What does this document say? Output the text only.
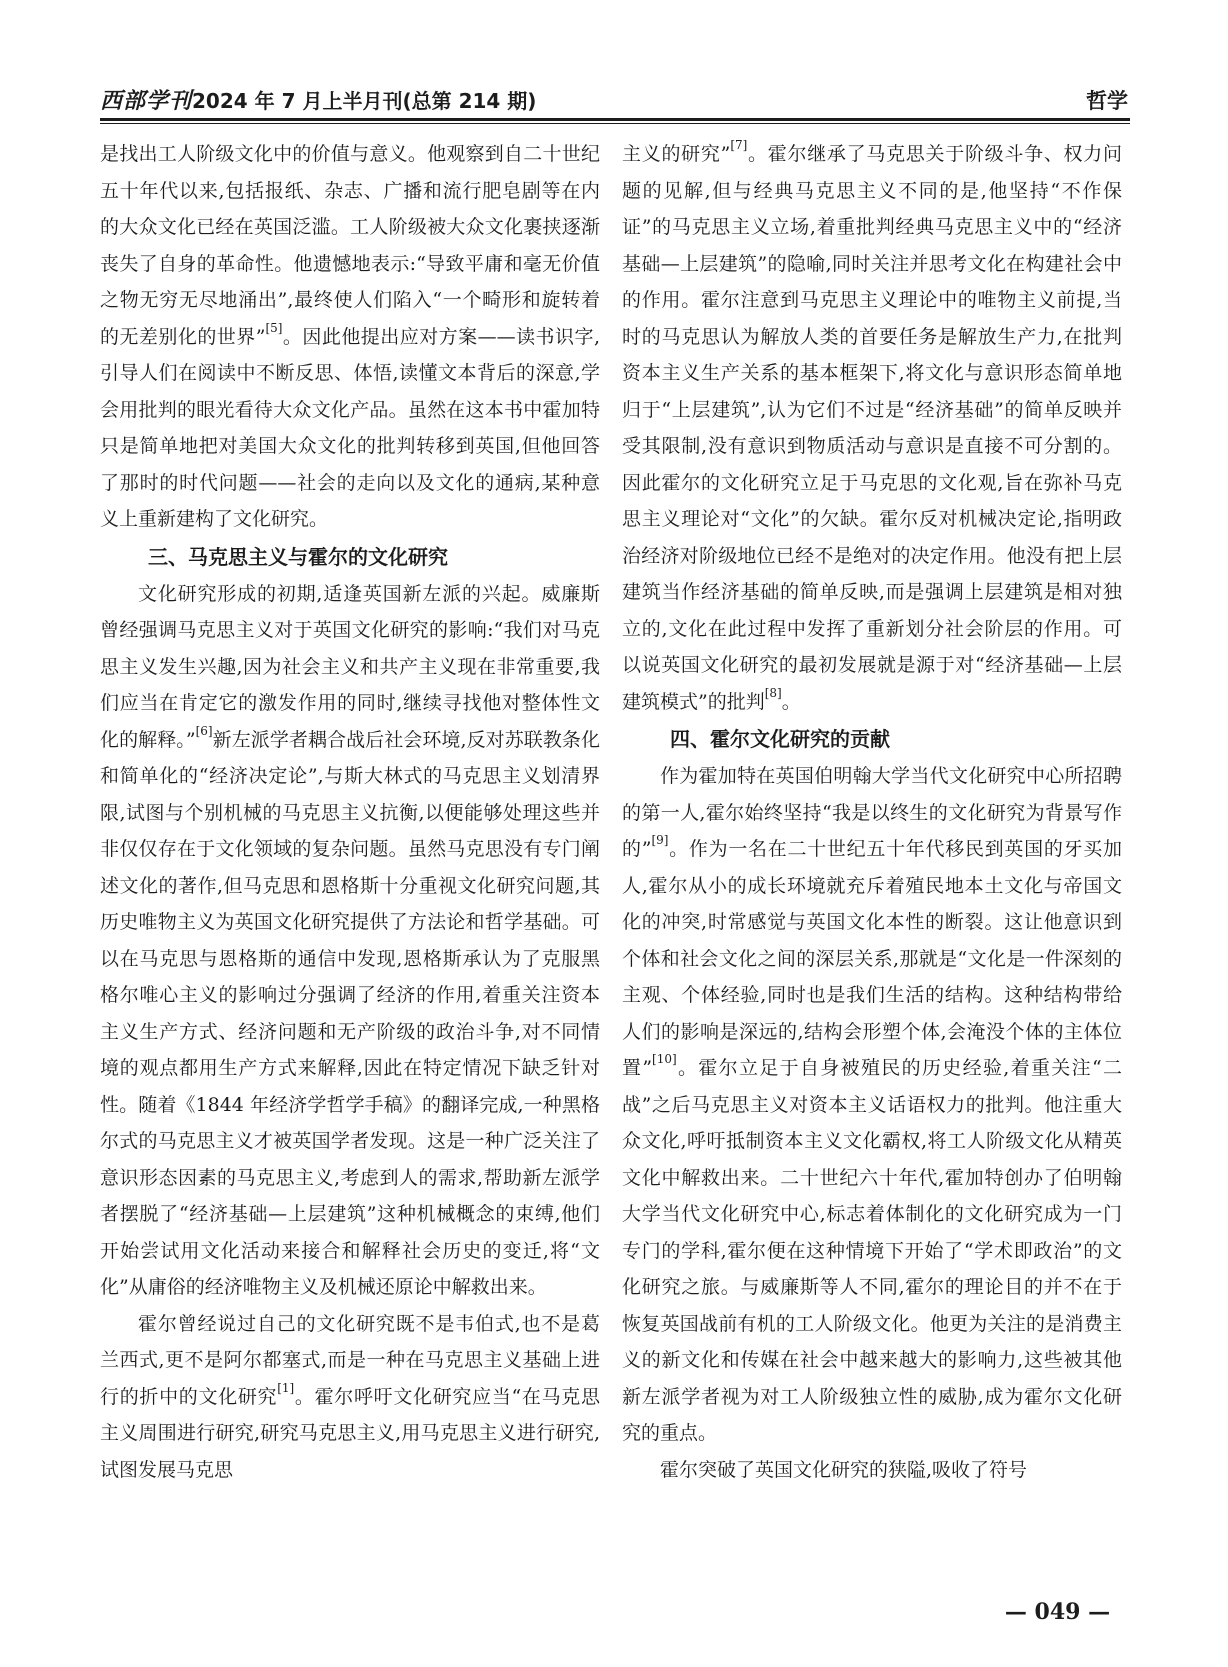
西部学刊 2024 年 7 月上半月刊(总第 214 期)	哲学

是找出工人阶级文化中的价值与意义。他观察到自二十世纪五十年代以来,包括报纸、杂志、广播和流行肥皂剧等在内的大众文化已经在英国泛滥。工人阶级被大众文化裹挟逐渐丧失了自身的革命性。他遗憾地表示:“导致平庸和毫无价值之物无穷无尽地涌出”,最终使人们陷入“一个畸形和旋转着的无差别化的世界”[5]。因此他提出应对方案——读书识字,引导人们在阅读中不断反思、体悟,读懂文本背后的深意,学会用批判的眼光看待大众文化产品。虽然在这本书中霍加特只是简单地把对美国大众文化的批判转移到英国,但他回答了那时的时代问题——社会的走向以及文化的通病,某种意义上重新建构了文化研究。

三、马克思主义与霍尔的文化研究

文化研究形成的初期,适逢英国新左派的兴起。威廉斯曾经强调马克思主义对于英国文化研究的影响:“我们对马克思主义发生兴趣,因为社会主义和共产主义现在非常重要,我们应当在肯定它的激发作用的同时,继续寻找他对整体性文化的解释。”[6]新左派学者耦合战后社会环境,反对苏联教条化和简单化的“经济决定论”,与斯大林式的马克思主义划清界限,试图与个别机械的马克思主义抗衡,以便能够处理这些并非仅仅存在于文化领域的复杂问题。虽然马克思没有专门阐述文化的著作,但马克思和恩格斯十分重视文化研究问题,其历史唯物主义为英国文化研究提供了方法论和哲学基础。可以在马克思与恩格斯的通信中发现,恩格斯承认为了克服黑格尔唯心主义的影响过分强调了经济的作用,着重关注资本主义生产方式、经济问题和无产阶级的政治斗争,对不同情境的观点都用生产方式来解释,因此在特定情况下缺乏针对性。随着《1844 年经济学哲学手稿》的翻译完成,一种黑格尔式的马克思主义才被英国学者发现。这是一种广泛关注了意识形态因素的马克思主义,考虑到人的需求,帮助新左派学者摆脱了“经济基础—上层建筑”这种机械概念的束缚,他们开始尝试用文化活动来接合和解释社会历史的变迁,将“文化”从庸俗的经济唯物主义及机械还原论中解救出来。

霍尔曾经说过自己的文化研究既不是韦伯式,也不是葛兰西式,更不是阿尔都塞式,而是一种在马克思主义基础上进行的折中的文化研究[1]。霍尔呼吁文化研究应当“在马克思主义周围进行研究,研究马克思主义,用马克思主义进行研究,试图发展马克思

主义的研究”[7]。霍尔继承了马克思关于阶级斗争、权力问题的见解,但与经典马克思主义不同的是,他坚持“不作保证”的马克思主义立场,着重批判经典马克思主义中的“经济基础—上层建筑”的隐喻,同时关注并思考文化在构建社会中的作用。霍尔注意到马克思主义理论中的唯物主义前提,当时的马克思认为解放人类的首要任务是解放生产力,在批判资本主义生产关系的基本框架下,将文化与意识形态简单地归于“上层建筑”,认为它们不过是“经济基础”的简单反映并受其限制,没有意识到物质活动与意识是直接不可分割的。因此霍尔的文化研究立足于马克思的文化观,旨在弥补马克思主义理论对“文化”的欠缺。霍尔反对机械决定论,指明政治经济对阶级地位已经不是绝对的决定作用。他没有把上层建筑当作经济基础的简单反映,而是强调上层建筑是相对独立的,文化在此过程中发挥了重新划分社会阶层的作用。可以说英国文化研究的最初发展就是源于对“经济基础—上层建筑模式”的批判[8]。

四、霍尔文化研究的贡献

作为霍加特在英国伯明翰大学当代文化研究中心所招聘的第一人,霍尔始终坚持“我是以终生的文化研究为背景写作的”[9]。作为一名在二十世纪五十年代移民到英国的牙买加人,霍尔从小的成长环境就充斥着殖民地本土文化与帝国文化的冲突,时常感觉与英国文化本性的断裂。这让他意识到个体和社会文化之间的深层关系,那就是“文化是一件深刻的主观、个体经验,同时也是我们生活的结构。这种结构带给人们的影响是深远的,结构会形塑个体,会淹没个体的主体位置”[10]。霍尔立足于自身被殖民的历史经验,着重关注“二战”之后马克思主义对资本主义话语权力的批判。他注重大众文化,呼吁抵制资本主义文化霸权,将工人阶级文化从精英文化中解救出来。二十世纪六十年代,霍加特创办了伯明翰大学当代文化研究中心,标志着体制化的文化研究成为一门专门的学科,霍尔便在这种情境下开始了“学术即政治”的文化研究之旅。与威廉斯等人不同,霍尔的理论目的并不在于恢复英国战前有机的工人阶级文化。他更为关注的是消费主义的新文化和传媒在社会中越来越大的影响力,这些被其他新左派学者视为对工人阶级独立性的威胁,成为霍尔文化研究的重点。

霍尔突破了英国文化研究的狭隘,吸收了符号

— 049 —
